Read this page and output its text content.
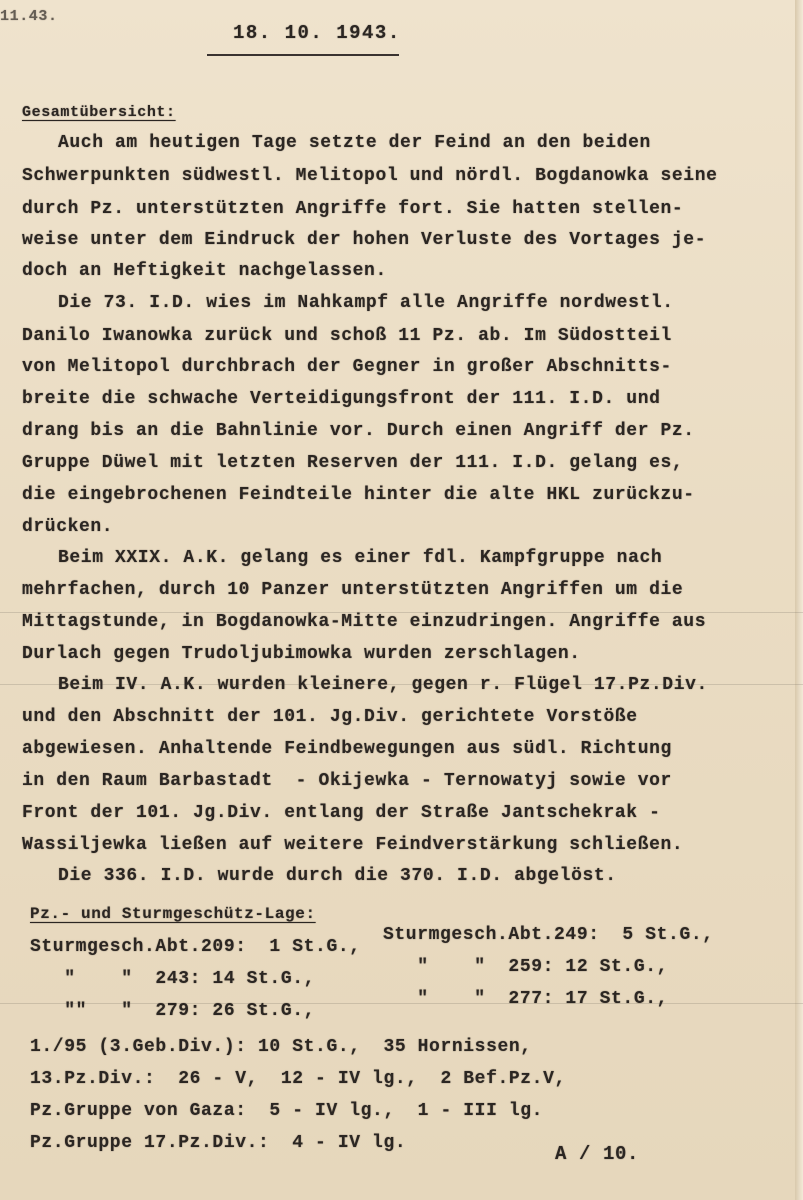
11.43.
18. 10. 1943.
Gesamtübersicht:
Auch am heutigen Tage setzte der Feind an den beiden
Schwerpunkten südwestl. Melitopol und nördl. Bogdanowka seine
durch Pz. unterstützten Angriffe fort. Sie hatten stellen-
weise unter dem Eindruck der hohen Verluste des Vortages je-
doch an Heftigkeit nachgelassen.
Die 73. I.D. wies im Nahkampf alle Angriffe nordwestl.
Danilo Iwanowka zurück und schoß 11 Pz. ab. Im Südostteil
von Melitopol durchbrach der Gegner in großer Abschnitts-
breite die schwache Verteidigungsfront der 111. I.D. und
drang bis an die Bahnlinie vor. Durch einen Angriff der Pz.
Gruppe Düwel mit letzten Reserven der 111. I.D. gelang es,
die eingebrochenen Feindteile hinter die alte HKL zurückzu-
drücken.
Beim XXIX. A.K. gelang es einer fdl. Kampfgruppe nach
mehrfachen, durch 10 Panzer unterstützten Angriffen um die
Mittagstunde, in Bogdanowka-Mitte einzudringen. Angriffe aus
Durlach gegen Trudoljubimowka wurden zerschlagen.
Beim IV. A.K. wurden kleinere, gegen r. Flügel 17.Pz.Div.
und den Abschnitt der 101. Jg.Div. gerichtete Vorstöße
abgewiesen. Anhaltende Feindbewegungen aus südl. Richtung
in den Raum Barbastadt  - Okijewka - Ternowatyj sowie vor
Front der 101. Jg.Div. entlang der Straße Jantschekrak -
Wassiljewka ließen auf weitere Feindverstärkung schließen.
Die 336. I.D. wurde durch die 370. I.D. abgelöst.
Pz.- und Sturmgeschütz-Lage:
Sturmgesch.Abt.209:  1 St.G.,
Sturmgesch.Abt.249:  5 St.G.,
"    "  243: 14 St.G.,
"    "  259: 12 St.G.,
""   "  279: 26 St.G.,
"    "  277: 17 St.G.,
1./95 (3.Geb.Div.): 10 St.G.,  35 Hornissen,
13.Pz.Div.:  26 - V,  12 - IV lg.,  2 Bef.Pz.V,
Pz.Gruppe von Gaza:  5 - IV lg.,  1 - III lg.
Pz.Gruppe 17.Pz.Div.:  4 - IV lg.	A / 10.
